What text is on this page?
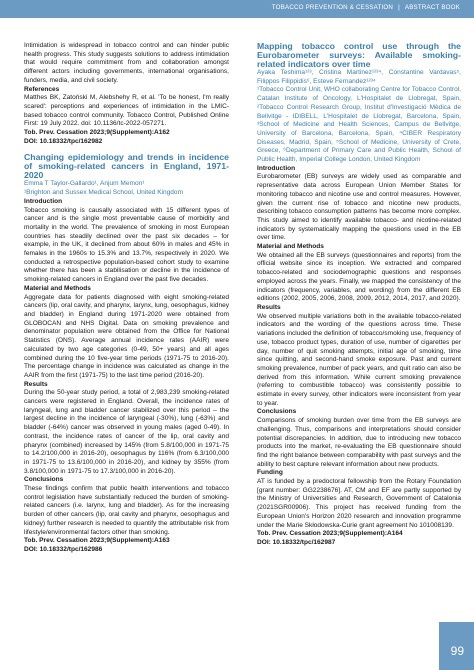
TOBACCO PREVENTION & CESSATION | ABSTRACT BOOK

Intimidation is widespread in tobacco control and can hinder public health progress. This study suggests solutions to address intimidation that would require commitment from and collaboration amongst different actors including governments, international organisations, funders, media, and civil society.

References

Matthes BK, Zatoński M, Alebshehy R, et al. 'To be honest, I'm really scared': perceptions and experiences of intimidation in the LMIC-based tobacco control community. Tobacco Control, Published Online First: 19 July 2022. doi: 10.1136/tc-2022-057271.

Tob. Prev. Cessation 2023;9(Supplement):A162

DOI: 10.18332/tpc/162982

Changing epidemiology and trends in incidence of smoking-related cancers in England, 1971-2020

Emma T Taylor-Gallardo¹, Anjum Memon¹

¹Brighton and Sussex Medical School, United Kingdom

Introduction

Tobacco smoking is causally associated with 15 different types of cancer and is the single most preventable cause of morbidity and mortality in the world. The prevalence of smoking in most European countries has steadily declined over the past six decades – for example, in the UK, it declined from about 60% in males and 45% in females in the 1960s to 15.3% and 13.7%, respectively in 2020. We conducted a retrospective population-based cohort study to examine whether there has been a stabilisation or decline in the incidence of smoking-related cancers in England over the past five decades.

Material and Methods

Aggregate data for patients diagnosed with eight smoking-related cancers (lip, oral cavity, and pharynx, larynx, lung, oesophagus, kidney and bladder) in England during 1971-2020 were obtained from GLOBOCAN and NHS Digital. Data on smoking prevalence and denominator population were obtained from the Office for National Statistics (ONS). Average annual incidence rates (AAIR) were calculated by two age categories (0-49, 50+ years) and all ages combined during the 10 five-year time periods (1971-75 to 2016-20). The percentage change in incidence was calculated as change in the AAIR from the first (1971-75) to the last time period (2016-20).

Results

During the 50-year study period, a total of 2,983,239 smoking-related cancers were registered in England. Overall, the incidence rates of laryngeal, lung and bladder cancer stabilized over this period – the largest decline in the incidence of laryngeal (-30%), lung (-63%) and bladder (-64%) cancer was observed in young males (aged 0-49). In contrast, the incidence rates of cancer of the lip, oral cavity and pharynx (combined) increased by 145% (from 5.8/100,000 in 1971-75 to 14.2/100,000 in 2016-20), oesophagus by 116% (from 6.3/100,000 in 1971-75 to 13.6/100,000 in 2016-20), and kidney by 355% (from 3.8/100,000 in 1971-75 to 17.3/100,000 in 2016-20).

Conclusions

These findings confirm that public health interventions and tobacco control legislation have substantially reduced the burden of smoking-related cancers (i.e. larynx, lung and bladder). As for the increasing burden of other cancers (lip, oral cavity and pharynx, oesophagus and kidney) further research is needed to quantify the attributable risk from lifestyle/environmental factors other than smoking.

Tob. Prev. Cessation 2023;9(Supplement):A163

DOI: 10.18332/tpc/162986

Mapping tobacco control use through the Eurobarometer surveys: Available smoking-related indicators over time

Ayaka Teshima¹²³, Cristina Martinez¹²³⁴, Constantine Vardavas⁵, Filippos Filippidis⁶, Esteve Fernandez¹²³⁴

¹Tobacco Control Unit, WHO collaborating Centre for Tobacco Control, Catalan Institute of Oncology, L'Hospitalet de Llobregat, Spain, ²Tobacco Control Research Group, Institut d'Investigació Mèdica de Bellvitge - IDIBELL, L'Hospitalet de Llobregat, Barcelona, Spain, ³School of Medicine and Health Sciences, Campus de Bellvitge, University of Barcelona, Barcelona, Spain, ⁴CIBER Respiratory Diseases, Madrid, Spain, ⁵School of Medicine, University of Crete, Greece, ⁶Department of Primary Care and Public Health, School of Public Health, Imperial College London, United Kingdom

Introduction

Eurobarometer (EB) surveys are widely used as comparable and representative data across European Union Member States for monitoring tobacco and nicotine use and control measures. However, given the current rise of tobacco and nicotine new products, describing tobacco consumption patterns has become more complex. This study aimed to identify available tobacco- and nicotine-related indicators by systematically mapping the questions used in the EB over time.

Material and Methods

We obtained all the EB surveys (questionnaires and reports) from the official website since its inception. We extracted and compared tobacco-related and sociodemographic questions and responses employed across the years. Finally, we mapped the consistency of the indicators (frequency, variables, and wording) from the different EB editions (2002, 2005, 2006, 2008, 2009, 2012, 2014, 2017, and 2020).

Results

We observed multiple variations both in the available tobacco-related indicators and the wording of the questions across time. These variations included the definition of tobacco/smoking use, frequency of use, tobacco product types, duration of use, number of cigarettes per day, number of quit smoking attempts, initial age of smoking, time since quitting, and second-hand smoke exposure. Past and current smoking prevalence, number of pack years, and quit ratio can also be derived from this information. While current smoking prevalence (referring to combustible tobacco) was consistently possible to estimate in every survey, other indicators were inconsistent from year to year.

Conclusions

Comparisons of smoking burden over time from the EB surveys are challenging. Thus, comparisons and interpretations should consider potential discrepancies. In addition, due to introducing new tobacco products into the market, re-evaluating the EB questionnaire should find the right balance between comparability with past surveys and the ability to best capture relevant information about new products.

Funding

AT is funded by a predoctoral fellowship from the Rotary Foundation [grant number: GG2238676]. AT, CM and EF are partly supported by the Ministry of Universities and Research, Government of Catalonia (2021SGR00906). This project has received funding from the European Union's Horizon 2020 research and innovation programme under the Marie Skłodowska-Curie grant agreement No 101008139.

Tob. Prev. Cessation 2023;9(Supplement):A164

DOI: 10.18332/tpc/162987

99
